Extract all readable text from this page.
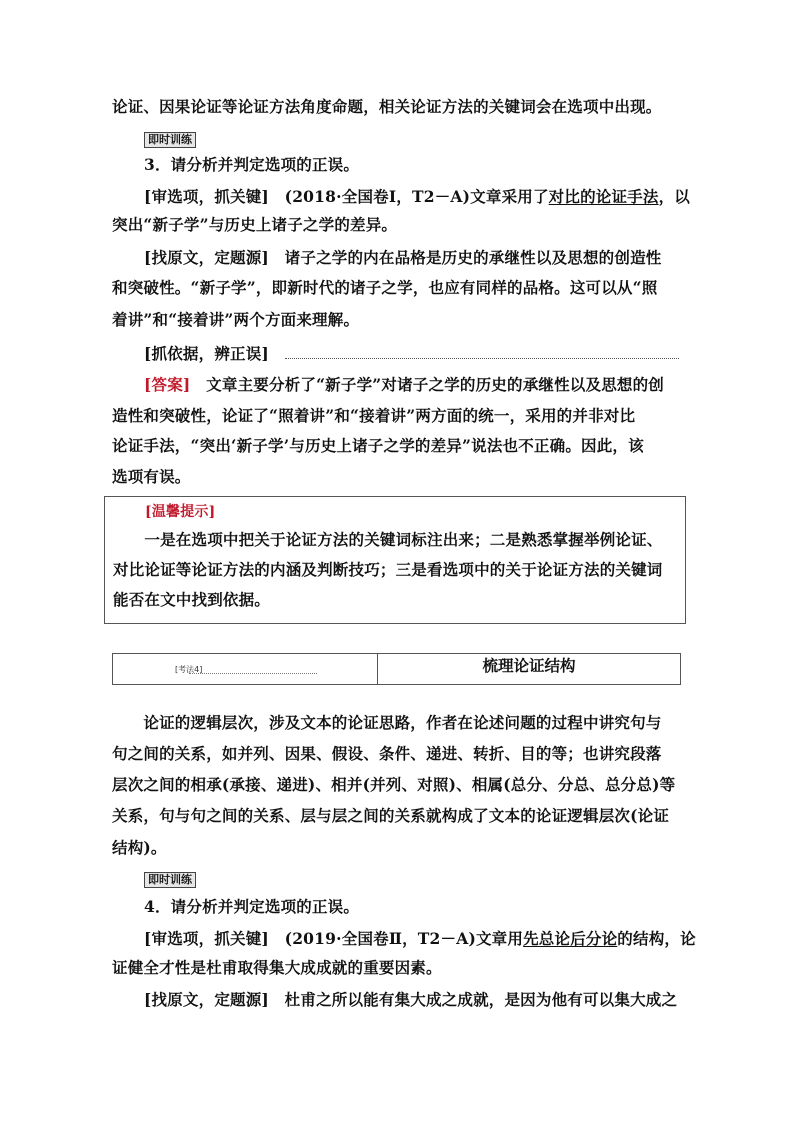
论证、因果论证等论证方法角度命题，相关论证方法的关键词会在选项中出现。
即时训练
3．请分析并判定选项的正误。
[审选项，抓关键]　(2018·全国卷Ⅰ，T2－A)文章采用了对比的论证手法，以
突出“新子学”与历史上诸子之学的差异。
[找原文，定题源]　诸子之学的内在品格是历史的承继性以及思想的创造性
和突破性。“新子学”，即新时代的诸子之学，也应有同样的品格。这可以从“照
着讲”和“接着讲”两个方面来理解。
[抓依据，辨正误]
[答案]　文章主要分析了“新子学”对诸子之学的历史的承继性以及思想的创
造性和突破性，论证了“照着讲”和“接着讲”两方面的统一，采用的并非对比
论证手法，“突出‘新子学’与历史上诸子之学的差异”说法也不正确。因此，该
选项有误。
[温馨提示]
　　一是在选项中把关于论证方法的关键词标注出来；二是熟悉掌握举例论证、
对比论证等论证方法的内涵及判断技巧；三是看选项中的关于论证方法的关键词
能否在文中找到依据。
[考法4]	梳理论证结构
　　论证的逻辑层次，涉及文本的论证思路，作者在论述问题的过程中讲究句与
句之间的关系，如并列、因果、假设、条件、递进、转折、目的等；也讲究段落
层次之间的相承(承接、递进)、相并(并列、对照)、相属(总分、分总、总分总)等
关系，句与句之间的关系、层与层之间的关系就构成了文本的论证逻辑层次(论证
结构)。
即时训练
4．请分析并判定选项的正误。
[审选项，抓关键]　(2019·全国卷Ⅱ，T2－A)文章用先总论后分论的结构，论
证健全才性是杜甫取得集大成成就的重要因素。
[找原文，定题源]　杜甫之所以能有集大成之成就，是因为他有可以集大成之
